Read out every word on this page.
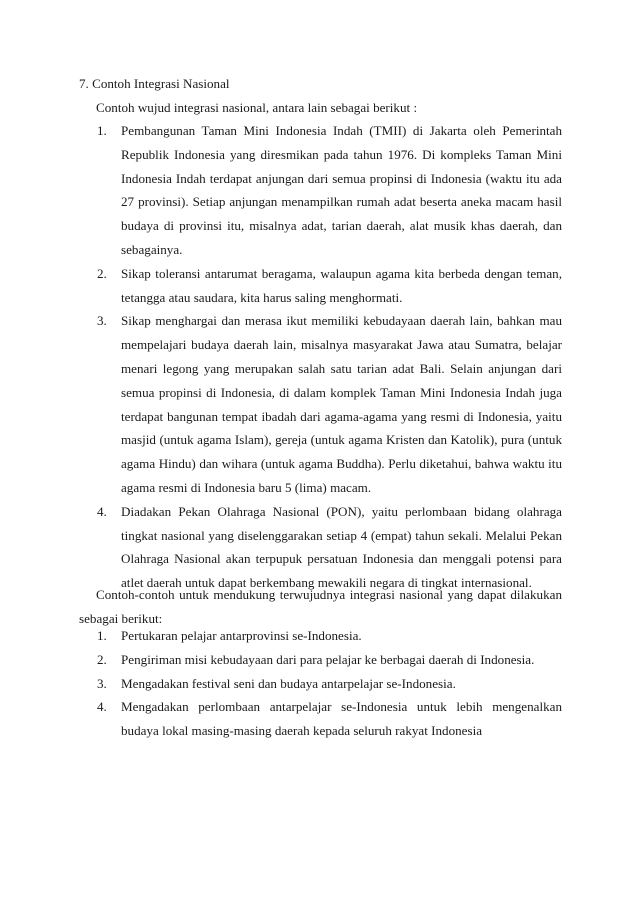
7. Contoh Integrasi Nasional
Contoh wujud integrasi nasional, antara lain sebagai berikut :
1. Pembangunan Taman Mini Indonesia Indah (TMII) di Jakarta oleh Pemerintah Republik Indonesia yang diresmikan pada tahun 1976. Di kompleks Taman Mini Indonesia Indah terdapat anjungan dari semua propinsi di Indonesia (waktu itu ada 27 provinsi). Setiap anjungan menampilkan rumah adat beserta aneka macam hasil budaya di provinsi itu, misalnya adat, tarian daerah, alat musik khas daerah, dan sebagainya.
2. Sikap toleransi antarumat beragama, walaupun agama kita berbeda dengan teman, tetangga atau saudara, kita harus saling menghormati.
3. Sikap menghargai dan merasa ikut memiliki kebudayaan daerah lain, bahkan mau mempelajari budaya daerah lain, misalnya masyarakat Jawa atau Sumatra, belajar menari legong yang merupakan salah satu tarian adat Bali. Selain anjungan dari semua propinsi di Indonesia, di dalam komplek Taman Mini Indonesia Indah juga terdapat bangunan tempat ibadah dari agama-agama yang resmi di Indonesia, yaitu masjid (untuk agama Islam), gereja (untuk agama Kristen dan Katolik), pura (untuk agama Hindu) dan wihara (untuk agama Buddha). Perlu diketahui, bahwa waktu itu agama resmi di Indonesia baru 5 (lima) macam.
4. Diadakan Pekan Olahraga Nasional (PON), yaitu perlombaan bidang olahraga tingkat nasional yang diselenggarakan setiap 4 (empat) tahun sekali. Melalui Pekan Olahraga Nasional akan terpupuk persatuan Indonesia dan menggali potensi para atlet daerah untuk dapat berkembang mewakili negara di tingkat internasional.
Contoh-contoh untuk mendukung terwujudnya integrasi nasional yang dapat dilakukan sebagai berikut:
1. Pertukaran pelajar antarprovinsi se-Indonesia.
2. Pengiriman misi kebudayaan dari para pelajar ke berbagai daerah di Indonesia.
3. Mengadakan festival seni dan budaya antarpelajar se-Indonesia.
4. Mengadakan perlombaan antarpelajar se-Indonesia untuk lebih mengenalkan budaya lokal masing-masing daerah kepada seluruh rakyat Indonesia
